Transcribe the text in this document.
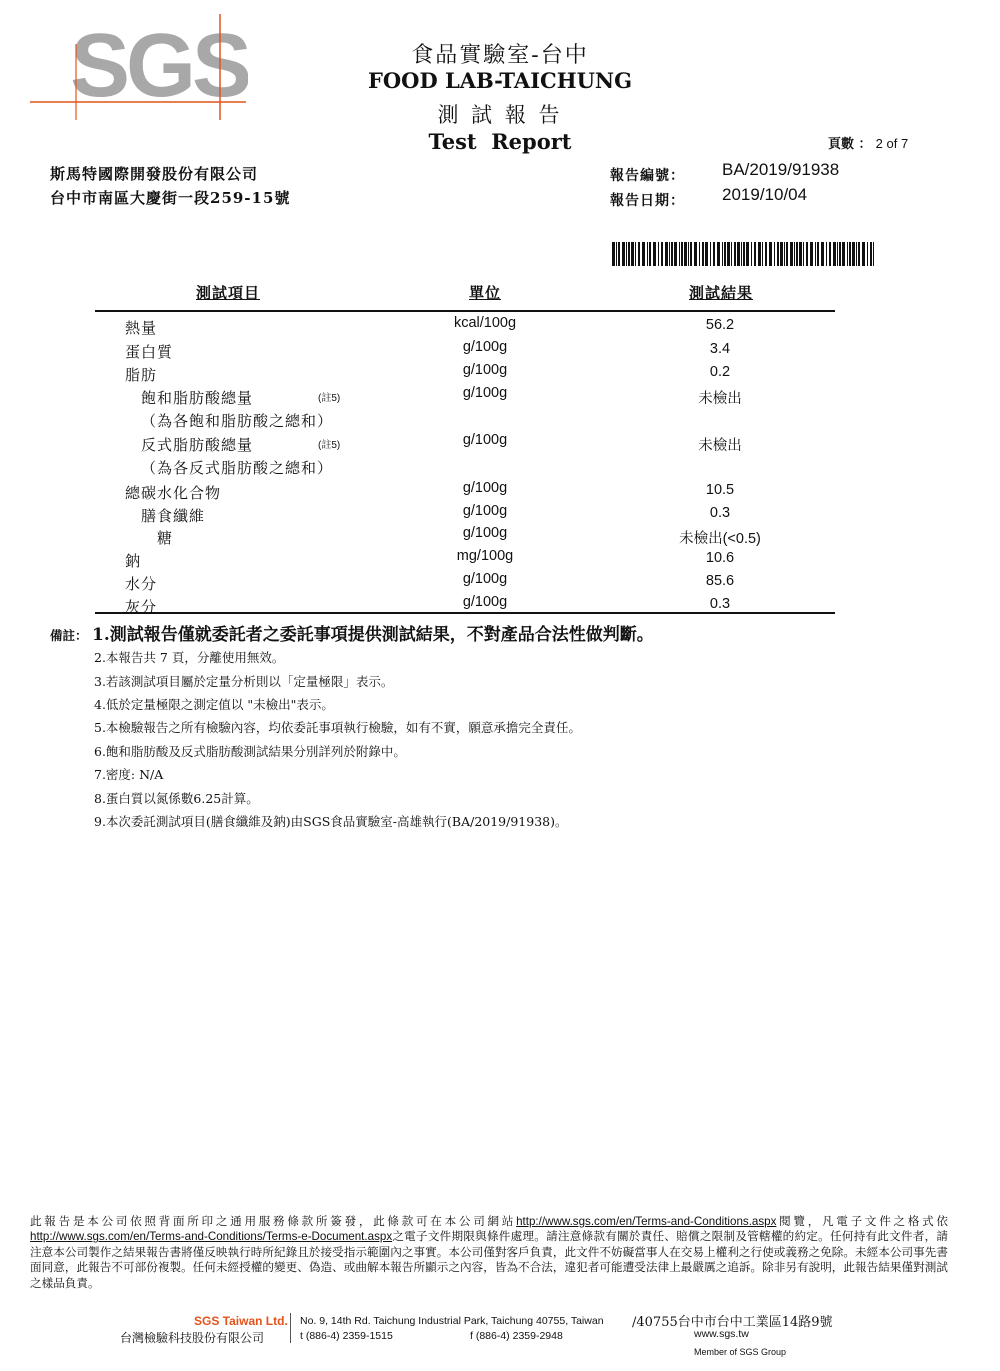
SGS	食品實驗室-台中
FOOD LAB-TAICHUNG
測 試 報 告
Test  Report	頁數 ： 2 of 7
斯馬特國際開發股份有限公司
台中市南區大慶街一段259-15號
報告編號： BA/2019/91938
報告日期： 2019/10/04
測試項目	單位	測試結果
熱量	kcal/100g	56.2
蛋白質	g/100g	3.4
脂肪	g/100g	0.2
飽和脂肪酸總量	(註5)	g/100g	未檢出
（為各飽和脂肪酸之總和）
反式脂肪酸總量	(註5)	g/100g	未檢出
（為各反式脂肪酸之總和）
總碳水化合物	g/100g	10.5
膳食纖維	g/100g	0.3
糖	g/100g	未檢出(<0.5)
鈉	mg/100g	10.6
水分	g/100g	85.6
灰分	g/100g	0.3
備註： 1.測試報告僅就委託者之委託事項提供測試結果，不對產品合法性做判斷。
2.本報告共 7 頁，分離使用無效。
3.若該測試項目屬於定量分析則以「定量極限」表示。
4.低於定量極限之測定值以 "未檢出"表示。
5.本檢驗報告之所有檢驗內容，均依委託事項執行檢驗，如有不實，願意承擔完全責任。
6.飽和脂肪酸及反式脂肪酸測試結果分別詳列於附錄中。
7.密度: N/A
8.蛋白質以氮係數6.25計算。
9.本次委託測試項目(膳食纖維及鈉)由SGS食品實驗室-高雄執行(BA/2019/91938)。
此報告是本公司依照背面所印之通用服務條款所簽發，此條款可在本公司網站http://www.sgs.com/en/Terms-and-Conditions.aspx閱覽，凡電子文件之格式依http://www.sgs.com/en/Terms-and-Conditions/Terms-e-Document.aspx之電子文件期限與條件處理。請注意條款有關於責任、賠償之限制及管轄權的約定。任何持有此文件者，請注意本公司製作之結果報告書將僅反映執行時所紀錄且於接受指示範圍內之事實。本公司僅對客戶負責，此文件不妨礙當事人在交易上權利之行使或義務之免除。未經本公司事先書面同意，此報告不可部份複製。任何未經授權的變更、偽造、或曲解本報告所顯示之內容，皆為不合法，違犯者可能遭受法律上最嚴厲之追訴。除非另有說明，此報告結果僅對測試之樣品負責。
SGS Taiwan Ltd.
台灣檢驗科技股份有限公司
No. 9, 14th Rd. Taichung Industrial Park, Taichung 40755, Taiwan /40755台中市台中工業區14路9號
t (886-4) 2359-1515	f (886-4) 2359-2948	www.sgs.tw
Member of SGS Group
